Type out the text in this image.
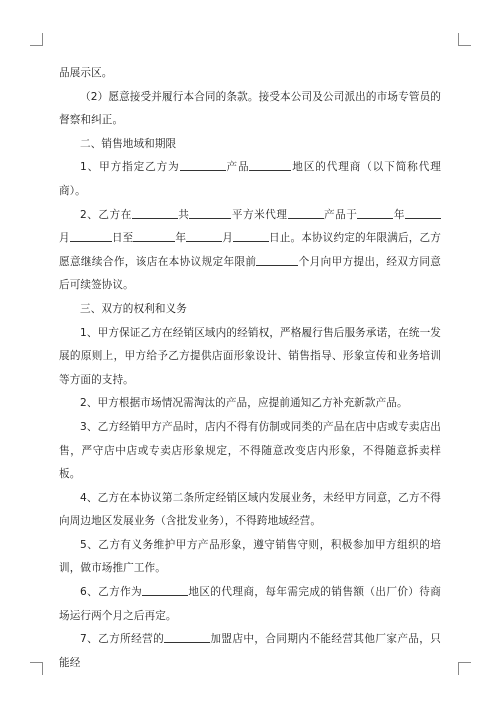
品展示区。

（2）愿意接受并履行本合同的条款。接受本公司及公司派出的市场专管员的督察和纠正。

二、销售地域和期限

1、甲方指定乙方为	产品	地区的代理商（以下简称代理商）。

2、乙方在	共	平方米代理	产品于	年月	日至	年	月	日止。本协议约定的年限满后，乙方愿意继续合作，该店在本协议规定年限前	个月向甲方提出，经双方同意后可续签协议。

三、双方的权利和义务

1、甲方保证乙方在经销区域内的经销权，严格履行售后服务承诺，在统一发展的原则上，甲方给予乙方提供店面形象设计、销售指导、形象宣传和业务培训等方面的支持。

2、甲方根据市场情况需淘汰的产品，应提前通知乙方补充新款产品。

3、乙方经销甲方产品时，店内不得有仿制或同类的产品在店中店或专卖店出售，严守店中店或专卖店形象规定，不得随意改变店内形象，不得随意拆卖样板。

4、乙方在本协议第二条所定经销区域内发展业务，未经甲方同意，乙方不得向周边地区发展业务（含批发业务），不得跨地域经营。

5、乙方有义务维护甲方产品形象，遵守销售守则，积极参加甲方组织的培训，做市场推广工作。

6、乙方作为	地区的代理商，每年需完成的销售额（出厂价）待商场运行两个月之后再定。

7、乙方所经营的	加盟店中，合同期内不能经营其他厂家产品，只能经
